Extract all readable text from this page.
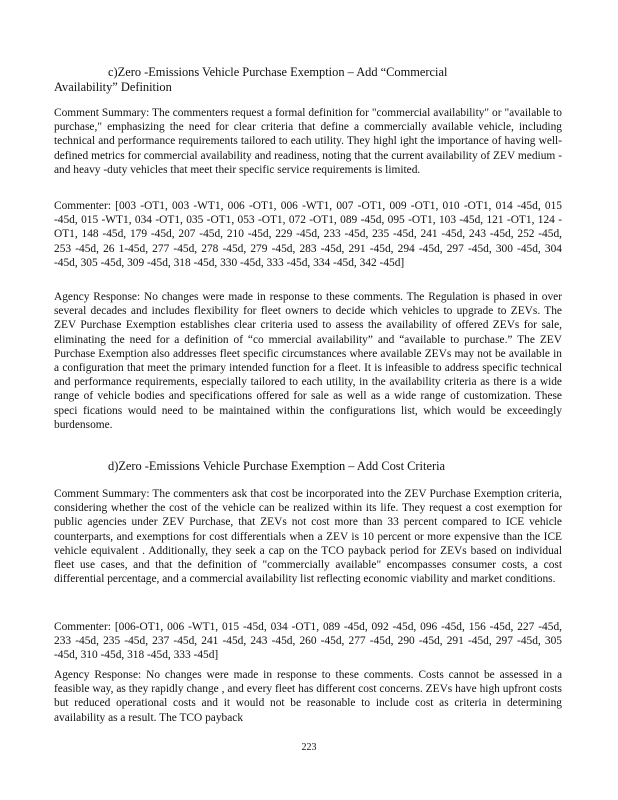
c)Zero -Emissions Vehicle Purchase Exemption – Add “Commercial
Availability” Definition

Comment Summary: The commenters request a formal definition for "commercial availability" or "available to purchase," emphasizing the need for clear criteria that define a commercially available vehicle, including technical and performance requirements tailored to each utility. They highl ight the importance of having well-defined metrics for commercial availability and readiness, noting that the current availability of ZEV medium - and heavy -duty vehicles that meet their specific service requirements is limited.

Commenter: [003 -OT1, 003 -WT1, 006 -OT1, 006 -WT1, 007 -OT1, 009 -OT1, 010 -OT1, 014 -45d, 015 -45d, 015 -WT1, 034 -OT1, 035 -OT1, 053 -OT1, 072 -OT1, 089 -45d, 095 -OT1, 103 -45d, 121 -OT1, 124 -OT1, 148 -45d, 179 -45d, 207 -45d, 210 -45d, 229 -45d, 233 -45d, 235 -45d, 241 -45d, 243 -45d, 252 -45d, 253 -45d, 26 1-45d, 277 -45d, 278 -45d, 279 -45d, 283 -45d, 291 -45d, 294 -45d, 297 -45d, 300 -45d, 304 -45d, 305 -45d, 309 -45d, 318 -45d, 330 -45d, 333 -45d, 334 -45d, 342 -45d]

Agency Response: No changes were made in response to these comments. The Regulation is phased in over several decades and includes flexibility for fleet owners to decide which vehicles to upgrade to ZEVs. The ZEV Purchase Exemption establishes clear criteria used to assess the availability of offered ZEVs for sale, eliminating the need for a definition of “co mmercial availability” and “available to purchase.” The ZEV Purchase Exemption also addresses fleet specific circumstances where available ZEVs may not be available in a configuration that meet the primary intended function for a fleet. It is infeasible to address specific technical and performance requirements, especially tailored to each utility, in the availability criteria as there is a wide range of vehicle bodies and specifications offered for sale as well as a wide range of customization. These speci fications would need to be maintained within the configurations list, which would be exceedingly burdensome.

d)Zero -Emissions Vehicle Purchase Exemption – Add Cost Criteria

Comment Summary: The commenters ask that cost be incorporated into the ZEV Purchase Exemption criteria, considering whether the cost of the vehicle can be realized within its life. They request a cost exemption for public agencies under ZEV Purchase, that ZEVs not cost more than 33 percent compared to ICE vehicle counterparts, and exemptions for cost differentials when a ZEV is 10 percent or more expensive than the ICE vehicle equivalent . Additionally, they seek a cap on the TCO payback period for ZEVs based on individual fleet use cases, and that the definition of "commercially available" encompasses consumer costs, a cost differential percentage, and a commercial availability list reflecting economic viability and market conditions.

Commenter: [006-OT1, 006 -WT1, 015 -45d, 034 -OT1, 089 -45d, 092 -45d, 096 -45d, 156 -45d, 227 -45d, 233 -45d, 235 -45d, 237 -45d, 241 -45d, 243 -45d, 260 -45d, 277 -45d, 290 -45d, 291 -45d, 297 -45d, 305 -45d, 310 -45d, 318 -45d, 333 -45d]

Agency Response: No changes were made in response to these comments. Costs cannot be assessed in a feasible way, as they rapidly change , and every fleet has different cost concerns. ZEVs have high upfront costs but reduced operational costs and it would not be reasonable to include cost as criteria in determining availability as a result. The TCO payback

223
